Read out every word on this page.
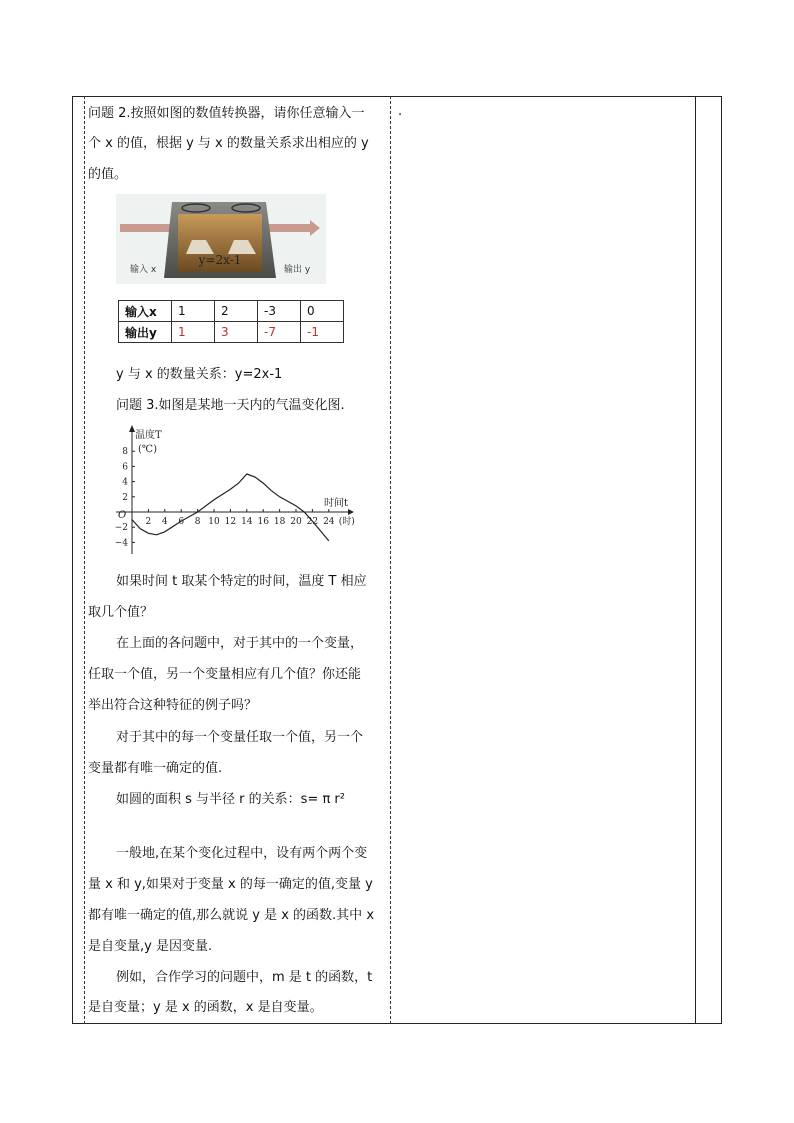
问题 2.按照如图的数值转换器，请你任意输入一
个 x 的值，根据 y 与 x 的数量关系求出相应的 y
的值。
y=2x-1
输入 x	输出 y
输入x	1	2	-3	0
输出y	1	3	-7	-1
y 与 x 的数量关系：y=2x-1
问题 3.如图是某地一天内的气温变化图.
温度T
(℃)
时间t
O
2 4 6 8 10 12 14 16 18 20 22 24 (时)
8
6
4
2
−2
−4
如果时间 t 取某个特定的时间，温度 T 相应
取几个值？
在上面的各问题中，对于其中的一个变量，
任取一个值，另一个变量相应有几个值？你还能
举出符合这种特征的例子吗？
对于其中的每一个变量任取一个值，另一个
变量都有唯一确定的值.
如圆的面积 s 与半径 r 的关系：s= π r²
一般地,在某个变化过程中，设有两个两个变
量 x 和 y,如果对于变量 x 的每一确定的值,变量 y
都有唯一确定的值,那么就说 y 是 x 的函数.其中 x
是自变量,y 是因变量.
例如，合作学习的问题中，m 是 t 的函数，t
是自变量；y 是 x 的函数，x 是自变量。
.
